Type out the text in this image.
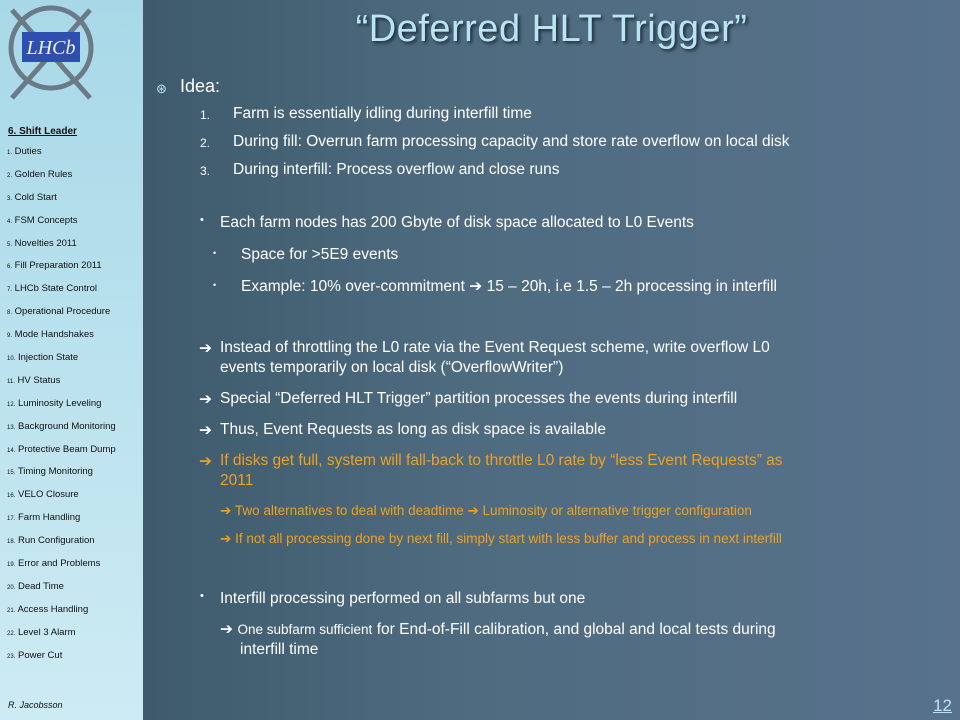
LHCb
6. Shift Leader
1. Duties
2. Golden Rules
3. Cold Start
4. FSM Concepts
5. Novelties 2011
6. Fill Preparation 2011
7. LHCb State Control
8. Operational Procedure
9. Mode Handshakes
10. Injection State
11. HV Status
12. Luminosity Leveling
13. Background Monitoring
14. Protective Beam Dump
15. Timing Monitoring
16. VELO Closure
17. Farm Handling
18. Run Configuration
19. Error and Problems
20. Dead Time
21. Access Handling
22. Level 3 Alarm
23. Power Cut
R. Jacobsson
“Deferred HLT Trigger”
⊛ Idea:
1. Farm is essentially idling during interfill time
2. During fill: Overrun farm processing capacity and store rate overflow on local disk
3. During interfill: Process overflow and close runs
• Each farm nodes has 200 Gbyte of disk space allocated to L0 Events
• Space for >5E9 events
• Example: 10% over-commitment ➔ 15 – 20h, i.e 1.5 – 2h processing in interfill
➔ Instead of throttling the L0 rate via the Event Request scheme, write overflow L0
events temporarily on local disk (“OverflowWriter”)
➔ Special “Deferred HLT Trigger” partition processes the events during interfill
➔ Thus, Event Requests as long as disk space is available
➔ If disks get full, system will fall-back to throttle L0 rate by “less Event Requests” as
2011
➔ Two alternatives to deal with deadtime ➔ Luminosity or alternative trigger configuration
➔ If not all processing done by next fill, simply start with less buffer and process in next interfill
• Interfill processing performed on all subfarms but one
➔ One subfarm sufficient for End-of-Fill calibration, and global and local tests during
interfill time
12
